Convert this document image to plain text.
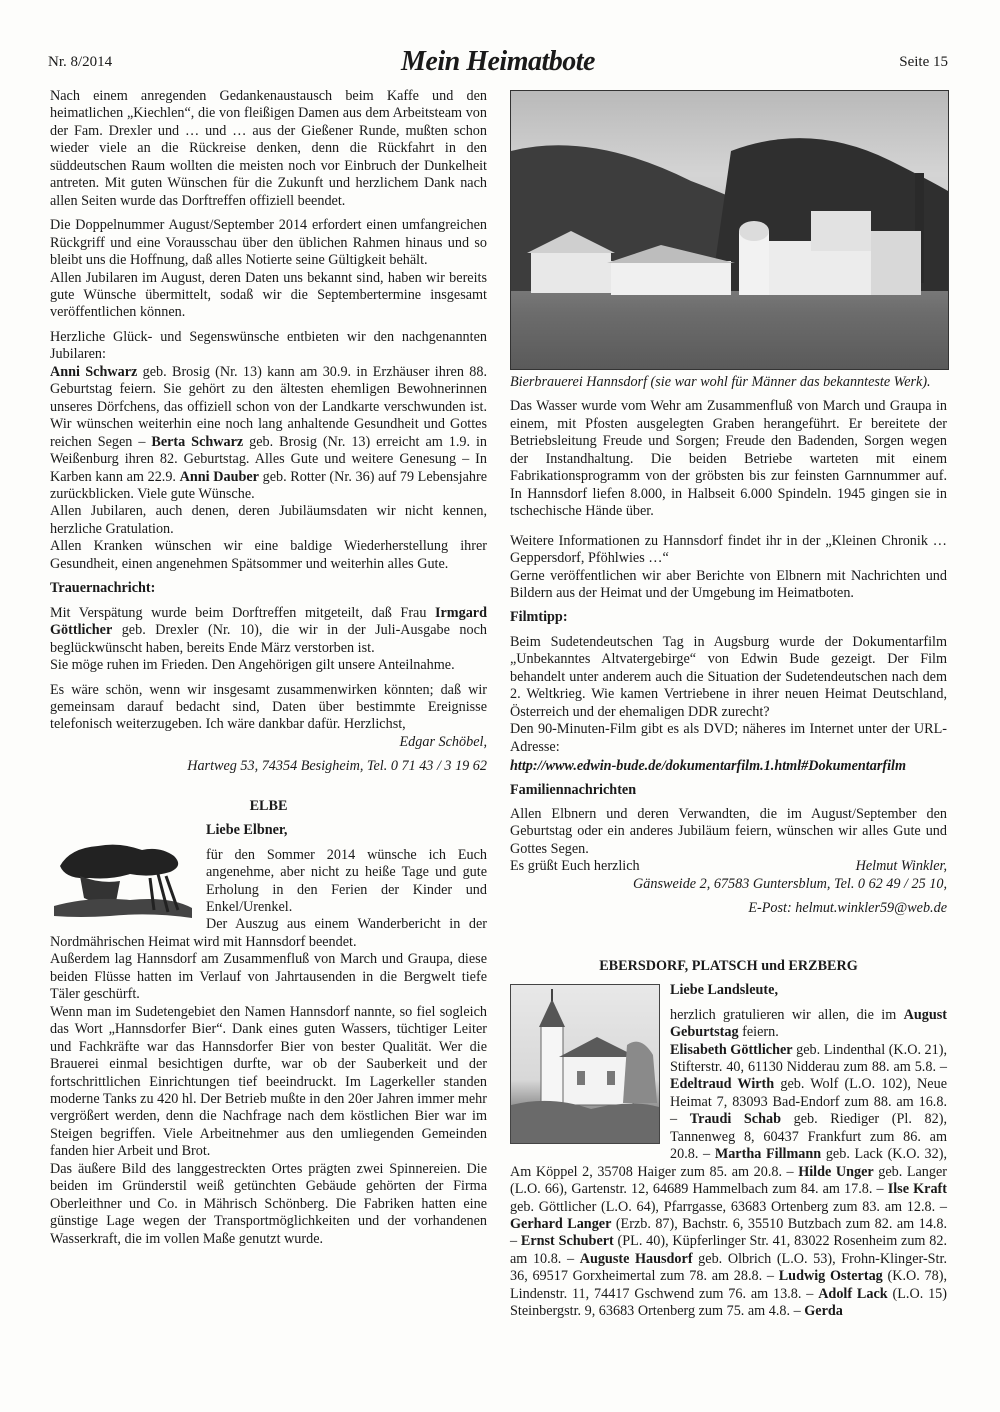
Nr. 8/2014	Mein Heimatbote	Seite 15

Nach einem anregenden Gedankenaustausch beim Kaffe und den heimatlichen „Kiechlen“, die von fleißigen Damen aus dem Arbeitsteam von der Fam. Drexler und … und … aus der Gießener Runde, mußten schon wieder viele an die Rückreise denken, denn die Rückfahrt in den süddeutschen Raum wollten die meisten noch vor Einbruch der Dunkelheit antreten. Mit guten Wünschen für die Zukunft und herzlichem Dank nach allen Seiten wurde das Dorftreffen offiziell beendet.

Die Doppelnummer August/September 2014 erfordert einen umfangreichen Rückgriff und eine Vorausschau über den üblichen Rahmen hinaus und so bleibt uns die Hoffnung, daß alles Notierte seine Gültigkeit behält.

Allen Jubilaren im August, deren Daten uns bekannt sind, haben wir bereits gute Wünsche übermittelt, sodaß wir die Septembertermine insgesamt veröffentlichen können.

Herzliche Glück- und Segenswünsche entbieten wir den nachgenannten Jubilaren:

Anni Schwarz geb. Brosig (Nr. 13) kann am 30.9. in Erzhäuser ihren 88. Geburtstag feiern. Sie gehört zu den ältesten ehemligen Bewohnerinnen unseres Dörfchens, das offiziell schon von der Landkarte verschwunden ist. Wir wünschen weiterhin eine noch lang anhaltende Gesundheit und Gottes reichen Segen – Berta Schwarz geb. Brosig (Nr. 13) erreicht am 1.9. in Weißenburg ihren 82. Geburtstag. Alles Gute und weitere Genesung – In Karben kann am 22.9. Anni Dauber geb. Rotter (Nr. 36) auf 79 Lebensjahre zurückblicken. Viele gute Wünsche.

Allen Jubilaren, auch denen, deren Jubiläumsdaten wir nicht kennen, herzliche Gratulation.

Allen Kranken wünschen wir eine baldige Wiederherstellung ihrer Gesundheit, einen angenehmen Spätsommer und weiterhin alles Gute.

Trauernachricht:

Mit Verspätung wurde beim Dorftreffen mitgeteilt, daß Frau Irmgard Göttlicher geb. Drexler (Nr. 10), die wir in der Juli-Ausgabe noch beglückwünscht haben, bereits Ende März verstorben ist.

Sie möge ruhen im Frieden. Den Angehörigen gilt unsere Anteilnahme.

Es wäre schön, wenn wir insgesamt zusammenwirken könnten; daß wir gemeinsam darauf bedacht sind, Daten über bestimmte Ereignisse telefonisch weiterzugeben. Ich wäre dankbar dafür. Herzlichst,

Edgar Schöbel,

Hartweg 53, 74354 Besigheim, Tel. 0 71 43 / 3 19 62

ELBE

Liebe Elbner,

für den Sommer 2014 wünsche ich Euch angenehme, aber nicht zu heiße Tage und gute Erholung in den Ferien der Kinder und Enkel/Urenkel.

Der Auszug aus einem Wanderbericht in der Nordmährischen Heimat wird mit Hannsdorf beendet.

Außerdem lag Hannsdorf am Zusammenfluß von March und Graupa, diese beiden Flüsse hatten im Verlauf von Jahrtausenden in die Bergwelt tiefe Täler geschürft.

Wenn man im Sudetengebiet den Namen Hannsdorf nannte, so fiel sogleich das Wort „Hannsdorfer Bier“. Dank eines guten Wassers, tüchtiger Leiter und Fachkräfte war das Hannsdorfer Bier von bester Qualität. Wer die Brauerei einmal besichtigen durfte, war ob der Sauberkeit und der fortschrittlichen Einrichtungen tief beeindruckt. Im Lagerkeller standen moderne Tanks zu 420 hl. Der Betrieb mußte in den 20er Jahren immer mehr vergrößert werden, denn die Nachfrage nach dem köstlichen Bier war im Steigen begriffen. Viele Arbeitnehmer aus den umliegenden Gemeinden fanden hier Arbeit und Brot.

Das äußere Bild des langgestreckten Ortes prägten zwei Spinnereien. Die beiden im Gründerstil weiß getünchten Gebäude gehörten der Firma Oberleithner und Co. in Mährisch Schönberg. Die Fabriken hatten eine günstige Lage wegen der Transportmöglichkeiten und der vorhandenen Wasserkraft, die im vollen Maße genutzt wurde.

Bierbrauerei Hannsdorf (sie war wohl für Männer das bekannteste Werk).

Das Wasser wurde vom Wehr am Zusammenfluß von March und Graupa in einem, mit Pfosten ausgelegten Graben herangeführt. Er bereitete der Betriebsleitung Freude und Sorgen; Freude den Badenden, Sorgen wegen der Instandhaltung. Die beiden Betriebe warteten mit einem Fabrikationsprogramm von der gröbsten bis zur feinsten Garnnummer auf. In Hannsdorf liefen 8.000, in Halbseit 6.000 Spindeln. 1945 gingen sie in tschechische Hände über.

Weitere Informationen zu Hannsdorf findet ihr in der „Kleinen Chronik … Geppersdorf, Pföhlwies …“

Gerne veröffentlichen wir aber Berichte von Elbnern mit Nachrichten und Bildern aus der Heimat und der Umgebung im Heimatboten.

Filmtipp:

Beim Sudetendeutschen Tag in Augsburg wurde der Dokumentarfilm „Unbekanntes Altvatergebirge“ von Edwin Bude gezeigt. Der Film behandelt unter anderem auch die Situation der Sudetendeutschen nach dem 2. Weltkrieg. Wie kamen Vertriebene in ihrer neuen Heimat Deutschland, Österreich und der ehemaligen DDR zurecht?

Den 90-Minuten-Film gibt es als DVD; näheres im Internet unter der URL-Adresse:

http://www.edwin-bude.de/dokumentarfilm.1.html#Dokumentarfilm

Familiennachrichten

Allen Elbnern und deren Verwandten, die im August/September den Geburtstag oder ein anderes Jubiläum feiern, wünschen wir alles Gute und Gottes Segen.

Es grüßt Euch herzlich	Helmut Winkler,

Gänsweide 2, 67583 Guntersblum, Tel. 0 62 49 / 25 10,

E-Post: helmut.winkler59@web.de

EBERSDORF, PLATSCH und ERZBERG

Liebe Landsleute,

herzlich gratulieren wir allen, die im August Geburtstag feiern.
Elisabeth Göttlicher geb. Lindenthal (K.O. 21), Stifterstr. 40, 61130 Nidderau zum 88. am 5.8. – Edeltraud Wirth geb. Wolf (L.O. 102), Neue Heimat 7, 83093 Bad-Endorf zum 88. am 16.8. – Traudi Schab geb. Riediger (Pl. 82), Tannenweg 8, 60437 Frankfurt zum 86. am 20.8. – Martha Fillmann geb. Lack (K.O. 32), Am Köppel 2, 35708 Haiger zum 85. am 20.8. – Hilde Unger geb. Langer (L.O. 66), Gartenstr. 12, 64689 Hammelbach zum 84. am 17.8. – Ilse Kraft geb. Göttlicher (L.O. 64), Pfarrgasse, 63683 Ortenberg zum 83. am 12.8. – Gerhard Langer (Erzb. 87), Bachstr. 6, 35510 Butzbach zum 82. am 14.8. – Ernst Schubert (PL. 40), Küpferlinger Str. 41, 83022 Rosenheim zum 82. am 10.8. – Auguste Hausdorf geb. Olbrich (L.O. 53), Frohn-Klinger-Str. 36, 69517 Gorxheimertal zum 78. am 28.8. – Ludwig Ostertag (K.O. 78), Lindenstr. 11, 74417 Gschwend zum 76. am 13.8. – Adolf Lack (L.O. 15) Steinbergstr. 9, 63683 Ortenberg zum 75. am 4.8. – Gerda
